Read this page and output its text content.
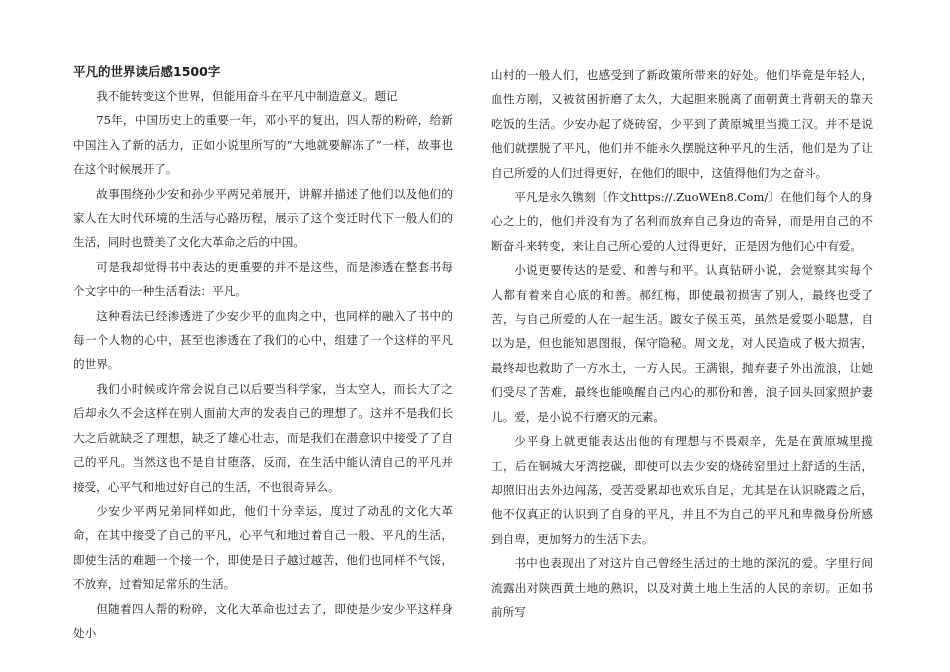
平凡的世界读后感1500字

我不能转变这个世界，但能用奋斗在平凡中制造意义。题记

75年，中国历史上的重要一年，邓小平的复出，四人帮的粉碎，给新中国注入了新的活力，正如小说里所写的“大地就要解冻了”一样，故事也在这个时候展开了。

故事围绕孙少安和孙少平两兄弟展开，讲解并描述了他们以及他们的家人在大时代环境的生活与心路历程，展示了这个变迁时代下一般人们的生活，同时也赞美了文化大革命之后的中国。

可是我却觉得书中表达的更重要的并不是这些，而是渗透在整套书每个文字中的一种生活看法：平凡。

这种看法已经渗透进了少安少平的血肉之中，也同样的融入了书中的每一个人物的心中，甚至也渗透在了我们的心中，组建了一个这样的平凡的世界。

我们小时候或许常会说自己以后要当科学家，当太空人，而长大了之后却永久不会这样在别人面前大声的发表自己的理想了。这并不是我们长大之后就缺乏了理想，缺乏了雄心壮志，而是我们在潜意识中接受了了自己的平凡。当然这也不是自甘堕落，反而，在生活中能认清自己的平凡并接受，心平气和地过好自己的生活，不也很奇异么。

少安少平两兄弟同样如此，他们十分幸运，度过了动乱的文化大革命，在其中接受了自己的平凡，心平气和地过着自己一般、平凡的生活，即使生活的难题一个接一个，即使是日子越过越苦，他们也同样不气馁，不放弃，过着知足常乐的生活。

但随着四人帮的粉碎，文化大革命也过去了，即使是少安少平这样身处小

山村的一般人们，也感受到了新政策所带来的好处。他们毕竟是年轻人，血性方刚，又被贫困折磨了太久，大起胆来脱离了面朝黄土背朝天的靠天吃饭的生活。少安办起了烧砖窑，少平到了黄原城里当揽工汉。并不是说他们就摆脱了平凡，他们并不能永久摆脱这种平凡的生活，他们是为了让自己所爱的人们过得更好，在他们的眼中，这值得他们为之奋斗。

平凡是永久镌刻〔作文https://.ZuoWEn8.Com/〕在他们每个人的身心之上的，他们并没有为了名利而放弃自己身边的奇异，而是用自己的不断奋斗来转变，来让自己所心爱的人过得更好，正是因为他们心中有爱。

小说更要传达的是爱、和善与和平。认真钻研小说，会觉察其实每个人都有着来自心底的和善。郝红梅，即使最初损害了别人，最终也受了苦，与自己所爱的人在一起生活。跛女子侯玉英，虽然是爱耍小聪慧，自以为是，但也能知恩图报，保守隐秘。周文龙，对人民造成了极大损害，最终却也救助了一方水土，一方人民。王满银，抛弃妻子外出流浪，让她们受尽了苦难，最终也能唤醒自己内心的那份和善，浪子回头回家照护妻儿。爱，是小说不行磨灭的元素。

少平身上就更能表达出他的有理想与不畏艰辛，先是在黄原城里揽工，后在铜城大牙湾挖碳，即使可以去少安的烧砖窑里过上舒适的生活，却照旧出去外边闯荡，受苦受累却也欢乐自足，尤其是在认识晓霞之后，他不仅真正的认识到了自身的平凡，并且不为自己的平凡和卑微身份所感到自卑，更加努力的生活下去。

书中也表现出了对这片自己曾经生活过的土地的深沉的爱。字里行间流露出对陕西黄土地的熟识，以及对黄土地上生活的人民的亲切。正如书前所写
